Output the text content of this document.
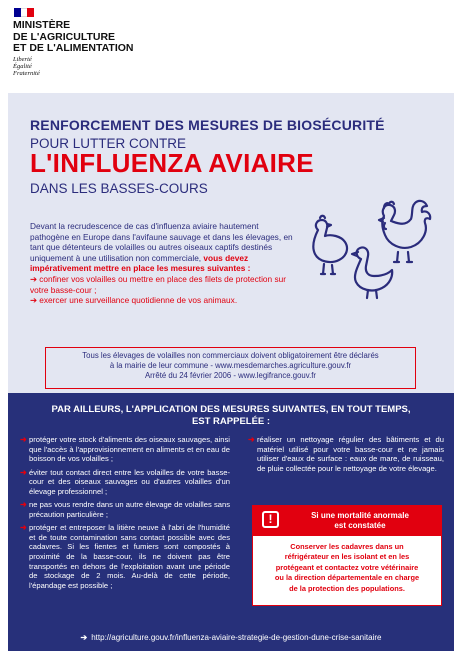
MINISTÈRE
DE L'AGRICULTURE
ET DE L'ALIMENTATION
Liberté
Égalité
Fraternité
RENFORCEMENT DES MESURES DE BIOSÉCURITÉ
POUR LUTTER CONTRE
L'INFLUENZA AVIAIRE
DANS LES BASSES-COURS
Devant la recrudescence de cas d'influenza aviaire hautement pathogène en Europe dans l'avifaune sauvage et dans les élevages, en tant que détenteurs de volailles ou autres oiseaux captifs destinés uniquement à une utilisation non commerciale, vous devez impérativement mettre en place les mesures suivantes :
➔ confiner vos volailles ou mettre en place des filets de protection sur votre basse-cour ;
➔ exercer une surveillance quotidienne de vos animaux.
Tous les élevages de volailles non commerciaux doivent obligatoirement être déclarés
à la mairie de leur commune - www.mesdemarches.agriculture.gouv.fr
Arrêté du 24 février 2006 - www.legifrance.gouv.fr
PAR AILLEURS, L'APPLICATION DES MESURES SUIVANTES, EN TOUT TEMPS,
EST RAPPELÉE :
➜ protéger votre stock d'aliments des oiseaux sauvages, ainsi que l'accès à l'approvisionnement en aliments et en eau de boisson de vos volailles ;
➜ éviter tout contact direct entre les volailles de votre basse-cour et des oiseaux sauvages ou d'autres volailles d'un élevage professionnel ;
➜ ne pas vous rendre dans un autre élevage de volailles sans précaution particulière ;
➜ protéger et entreposer la litière neuve à l'abri de l'humidité et de toute contamination sans contact possible avec des cadavres. Si les fientes et fumiers sont compostés à proximité de la basse-cour, ils ne doivent pas être transportés en dehors de l'exploitation avant une période de stockage de 2 mois. Au-delà de cette période, l'épandage est possible ;
➜ réaliser un nettoyage régulier des bâtiments et du matériel utilisé pour votre basse-cour et ne jamais utiliser d'eaux de surface : eaux de mare, de ruisseau, de pluie collectée pour le nettoyage de votre élevage.
!	Si une mortalité anormale
est constatée
Conserver les cadavres dans un
réfrigérateur en les isolant et en les
protégeant et contactez votre vétérinaire
ou la direction départementale en charge
de la protection des populations.
➔ http://agriculture.gouv.fr/influenza-aviaire-strategie-de-gestion-dune-crise-sanitaire
